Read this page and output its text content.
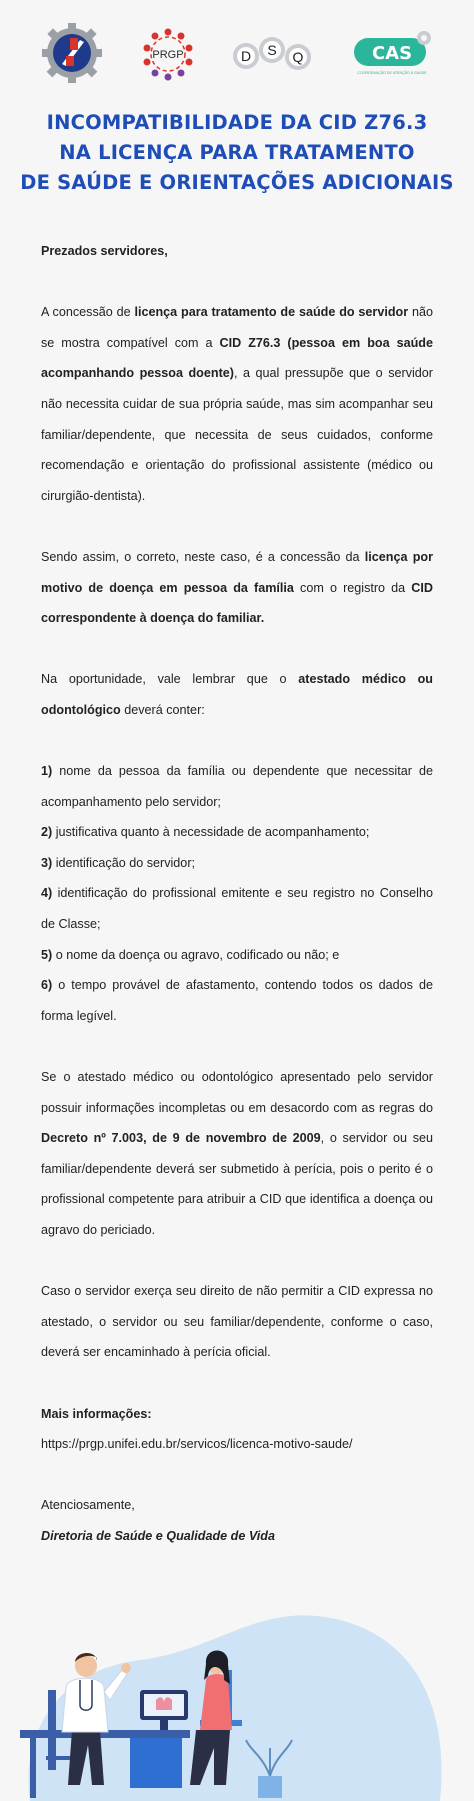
PRGP	D S Q	CAS
COORDENAÇÃO DE ATENÇÃO À SAÚDE
INCOMPATIBILIDADE DA CID Z76.3
NA LICENÇA PARA TRATAMENTO
DE SAÚDE E ORIENTAÇÕES ADICIONAIS

Prezados servidores,

A concessão de licença para tratamento de saúde do servidor não se mostra compatível com a CID Z76.3 (pessoa em boa saúde acompanhando pessoa doente), a qual pressupõe que o servidor não necessita cuidar de sua própria saúde, mas sim acompanhar seu familiar/dependente, que necessita de seus cuidados, conforme recomendação e orientação do profissional assistente (médico ou cirurgião-dentista).

Sendo assim, o correto, neste caso, é a concessão da licença por motivo de doença em pessoa da família com o registro da CID correspondente à doença do familiar.

Na oportunidade, vale lembrar que o atestado médico ou odontológico deverá conter:

1) nome da pessoa da família ou dependente que necessitar de acompanhamento pelo servidor;

2) justificativa quanto à necessidade de acompanhamento;

3) identificação do servidor;

4) identificação do profissional emitente e seu registro no Conselho de Classe;

5) o nome da doença ou agravo, codificado ou não; e

6) o tempo provável de afastamento, contendo todos os dados de forma legível.

Se o atestado médico ou odontológico apresentado pelo servidor possuir informações incompletas ou em desacordo com as regras do Decreto nº 7.003, de 9 de novembro de 2009, o servidor ou seu familiar/dependente deverá ser submetido à perícia, pois o perito é o profissional competente para atribuir a CID que identifica a doença ou agravo do periciado.

Caso o servidor exerça seu direito de não permitir a CID expressa no atestado, o servidor ou seu familiar/dependente, conforme o caso, deverá ser encaminhado à perícia oficial.

Mais informações:

https://prgp.unifei.edu.br/servicos/licenca-motivo-saude/

Atenciosamente,

Diretoria de Saúde e Qualidade de Vida
